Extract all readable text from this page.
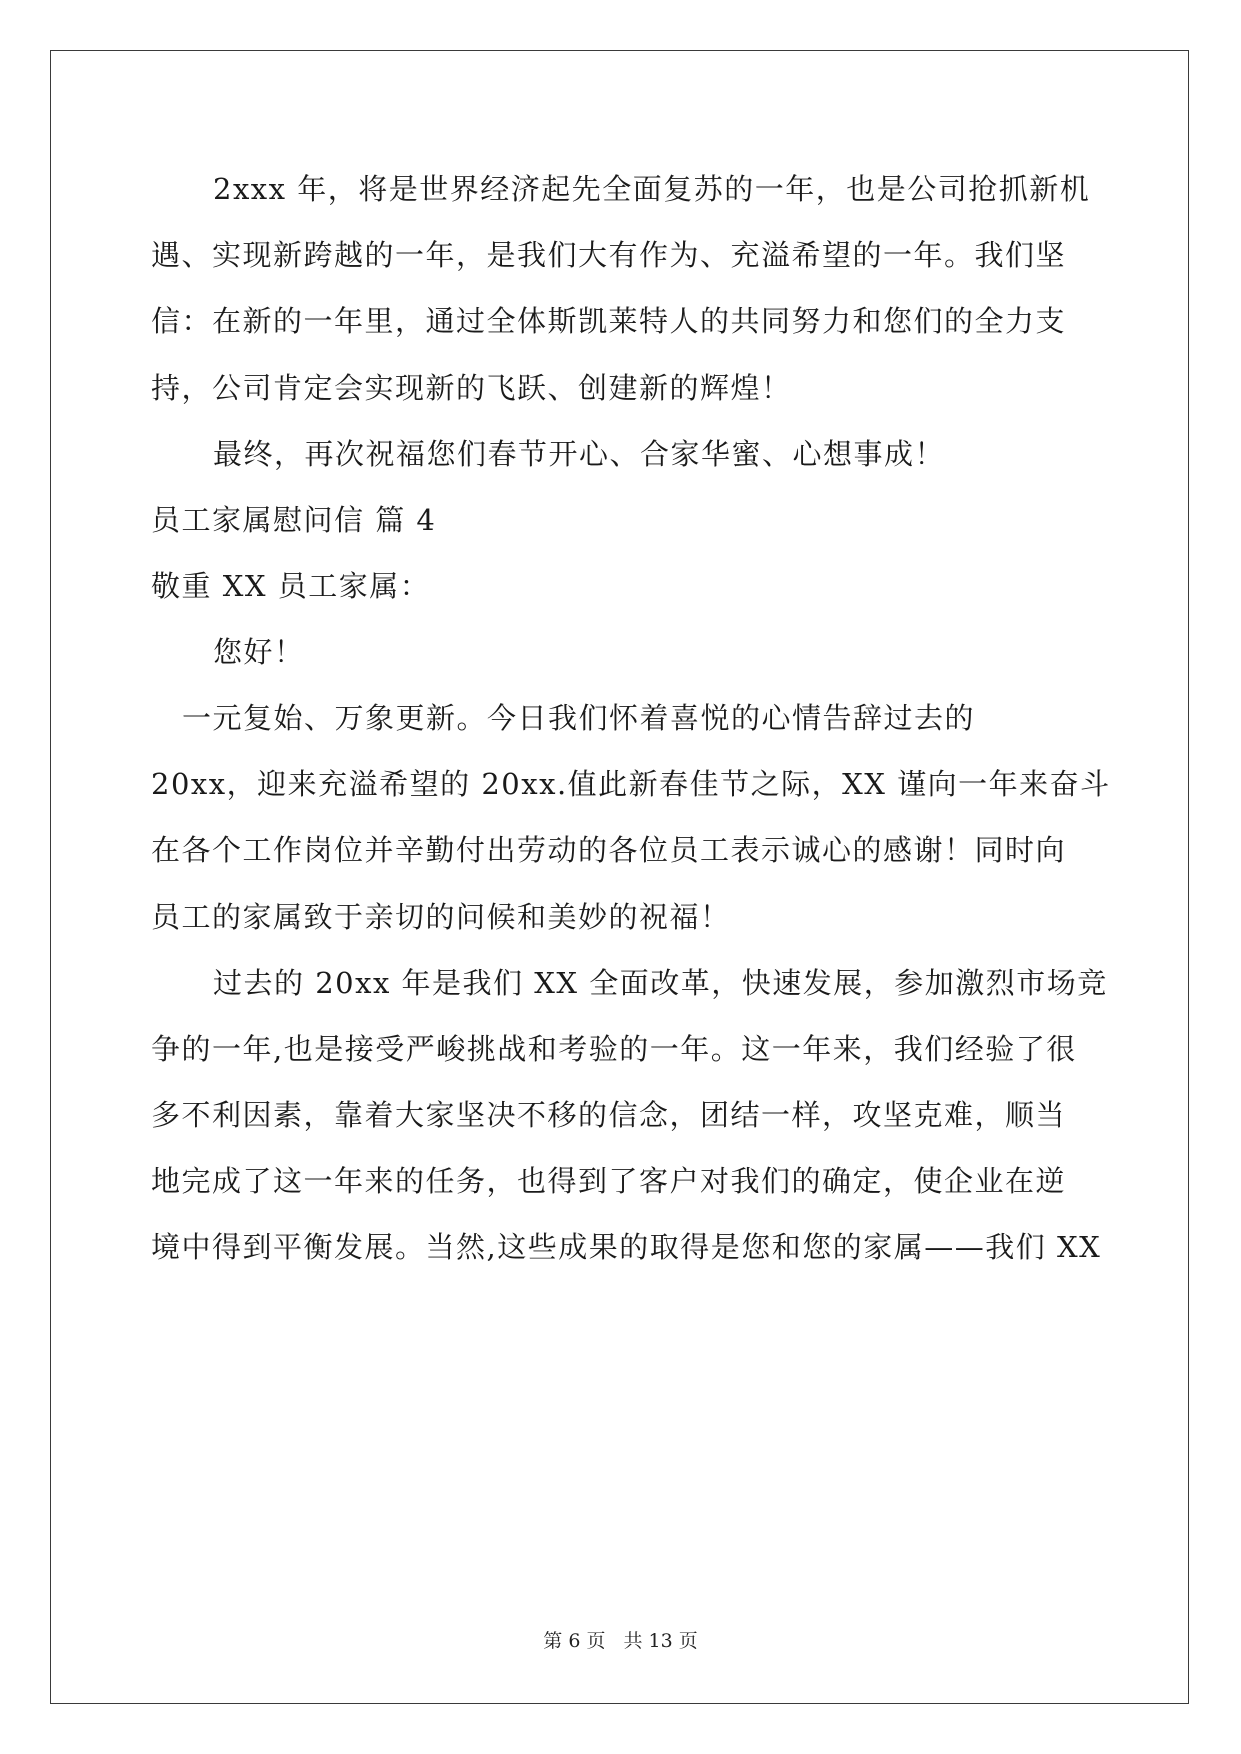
2xxx 年，将是世界经济起先全面复苏的一年，也是公司抢抓新机
遇、实现新跨越的一年，是我们大有作为、充溢希望的一年。我们坚
信：在新的一年里，通过全体斯凯莱特人的共同努力和您们的全力支
持，公司肯定会实现新的飞跃、创建新的辉煌！
最终，再次祝福您们春节开心、合家华蜜、心想事成！
员工家属慰问信 篇 4
敬重 XX 员工家属：
您好！
一元复始、万象更新。今日我们怀着喜悦的心情告辞过去的
20xx，迎来充溢希望的 20xx.值此新春佳节之际，XX 谨向一年来奋斗
在各个工作岗位并辛勤付出劳动的各位员工表示诚心的感谢！同时向
员工的家属致于亲切的问候和美妙的祝福！
过去的 20xx 年是我们 XX 全面改革，快速发展，参加激烈市场竞
争的一年,也是接受严峻挑战和考验的一年。这一年来，我们经验了很
多不利因素，靠着大家坚决不移的信念，团结一样，攻坚克难，顺当
地完成了这一年来的任务，也得到了客户对我们的确定，使企业在逆
境中得到平衡发展。当然,这些成果的取得是您和您的家属——我们 XX
第 6 页 共 13 页
